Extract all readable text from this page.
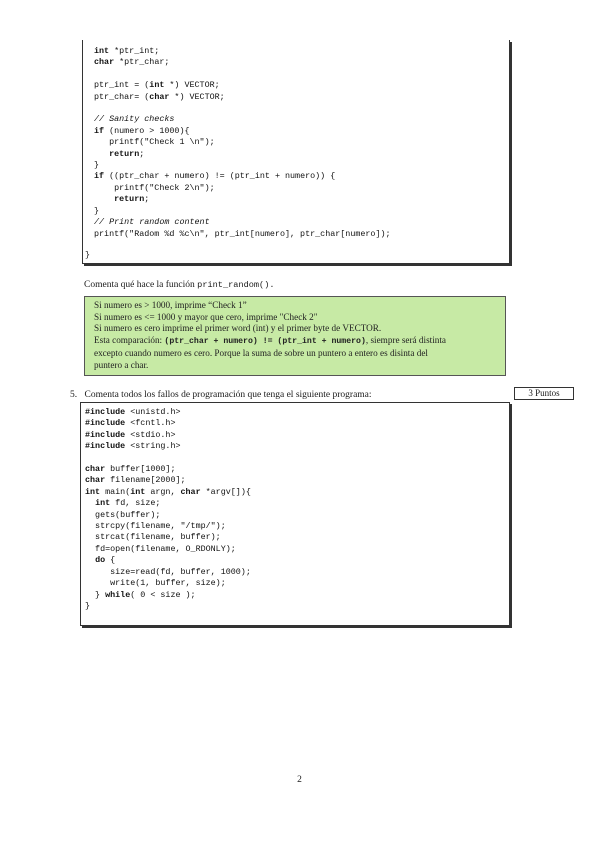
int *ptr_int;
char *ptr_char;

ptr_int = (int *) VECTOR;
ptr_char= (char *) VECTOR;

// Sanity checks
if (numero > 1000){
printf("Check 1 \n");
return;
}
if ((ptr_char + numero) != (ptr_int + numero)) {
printf("Check 2\n");
return;
}
// Print random content
printf("Radom %d %c\n", ptr_int[numero], ptr_char[numero]);

}
Comenta qué hace la función print_random().
Si numero es > 1000, imprime “Check 1”
Si numero es <= 1000 y mayor que cero, imprime "Check 2"
Si numero es cero imprime el primer word (int) y el primer byte de VECTOR.
Esta comparación: (ptr_char + numero) != (ptr_int + numero), siempre será distinta
excepto cuando numero es cero. Porque la suma de sobre un puntero a entero es disinta del
puntero a char.
5. Comenta todos los fallos de programación que tenga el siguiente programa:	3 Puntos
#include <unistd.h>
#include <fcntl.h>
#include <stdio.h>
#include <string.h>

char buffer[1000];
char filename[2000];
int main(int argn, char *argv[]){
int fd, size;
gets(buffer);
strcpy(filename, "/tmp/");
strcat(filename, buffer);
fd=open(filename, O_RDONLY);
do {
size=read(fd, buffer, 1000);
write(1, buffer, size);
} while( 0 < size );
}

2
